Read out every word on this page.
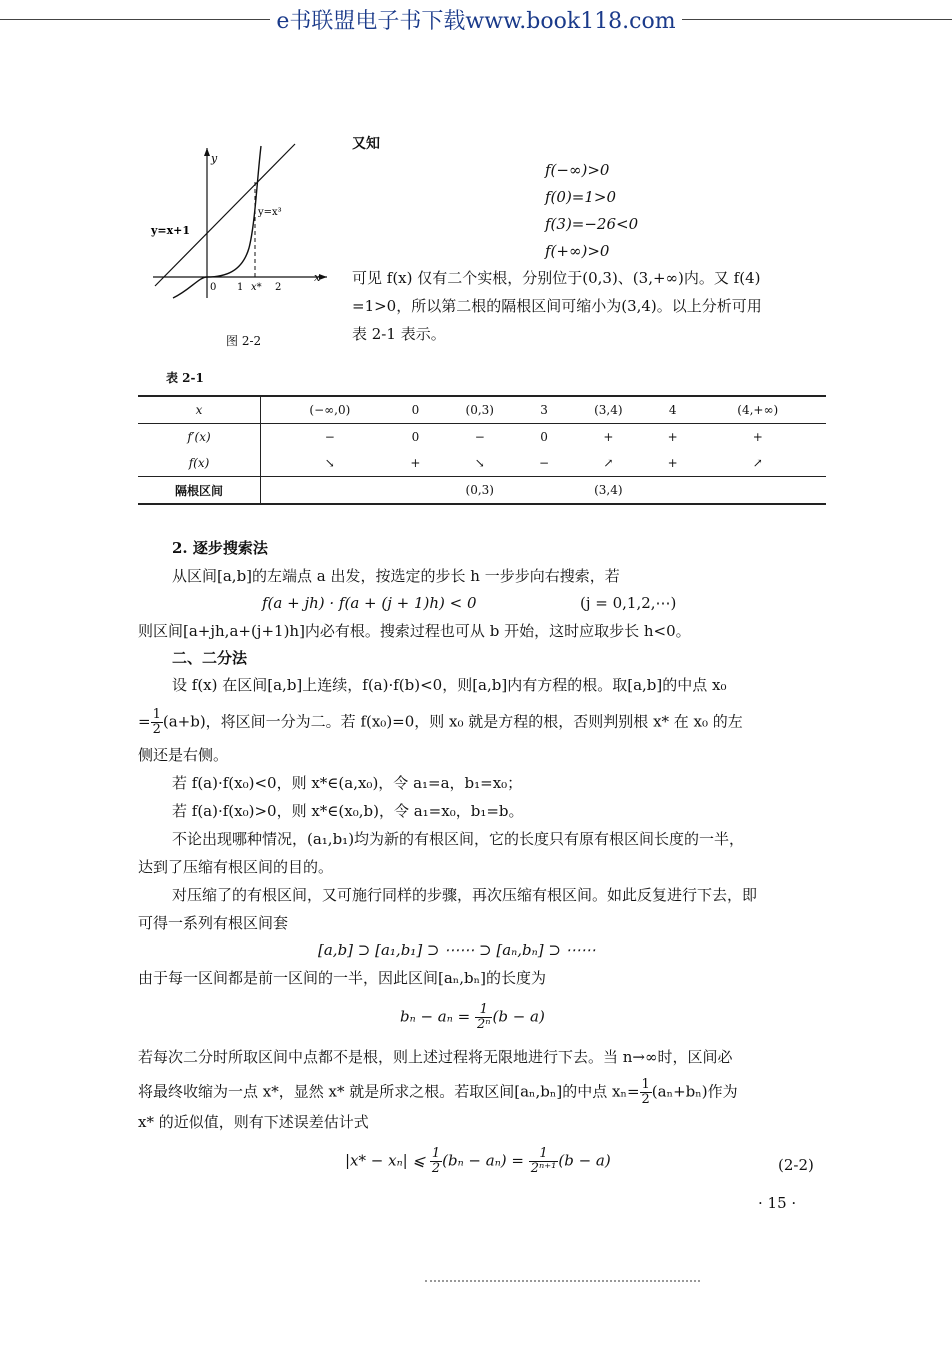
e书联盟电子书下载www.book118.com
y
x
y=x+1
y=x³
0 1 x* 2
图 2-2
又知
f(−∞)>0
f(0)=1>0
f(3)=−26<0
f(+∞)>0
可见 f(x) 仅有二个实根，分别位于(0,3)、(3,+∞)内。又 f(4)
=1>0，所以第二根的隔根区间可缩小为(3,4)。以上分析可用
表 2-1 表示。
表 2-1
x	(−∞,0)	0	(0,3)	3	(3,4)	4	(4,+∞)
f′(x)	−	0	−	0	+	+	+
f(x)	↘	+	↘	−	↗	+	↗
隔根区间			(0,3)		(3,4)		
2. 逐步搜索法
从区间[a,b]的左端点 a 出发，按选定的步长 h 一步步向右搜索，若
f(a + jh) · f(a + (j + 1)h) < 0	(j = 0,1,2,⋯)
则区间[a+jh,a+(j+1)h]内必有根。搜索过程也可从 b 开始，这时应取步长 h<0。
二、二分法
设 f(x) 在区间[a,b]上连续，f(a)·f(b)<0，则[a,b]内有方程的根。取[a,b]的中点 x₀
= $\frac{1}{2} (a+b)$，将区间一分为二。若 f(x₀)=0，则 x₀ 就是方程的根，否则判别根 x* 在 x₀ 的左
侧还是右侧。
若 f(a)·f(x₀)<0，则 x*∈(a,x₀)，令 a₁=a，b₁=x₀；
若 f(a)·f(x₀)>0，则 x*∈(x₀,b)，令 a₁=x₀，b₁=b。
不论出现哪种情况，(a₁,b₁)均为新的有根区间，它的长度只有原有根区间长度的一半，
达到了压缩有根区间的目的。
对压缩了的有根区间，又可施行同样的步骤，再次压缩有根区间。如此反复进行下去，即
可得一系列有根区间套
[a,b] ⊃ [a₁,b₁] ⊃ ⋯⋯ ⊃ [aₙ,bₙ] ⊃ ⋯⋯
由于每一区间都是前一区间的一半，因此区间[aₙ,bₙ]的长度为
$b_n - a_n = \frac{1}{\text{2ⁿ}} (b - a)$
若每次二分时所取区间中点都不是根，则上述过程将无限地进行下去。当 n→∞时，区间必
将最终收缩为一点 x*，显然 x* 就是所求之根。若取区间[aₙ,bₙ]的中点 $x_n= \frac{1}{2} (a_n+b_n)$作为
x* 的近似值，则有下述误差估计式
|x* − xₙ| ⩽ $\frac{1}{2} (b_n - a_n) = \frac{1}{\text{2ⁿ⁺¹}} (b - a)$	(2-2)
· 15 ·
